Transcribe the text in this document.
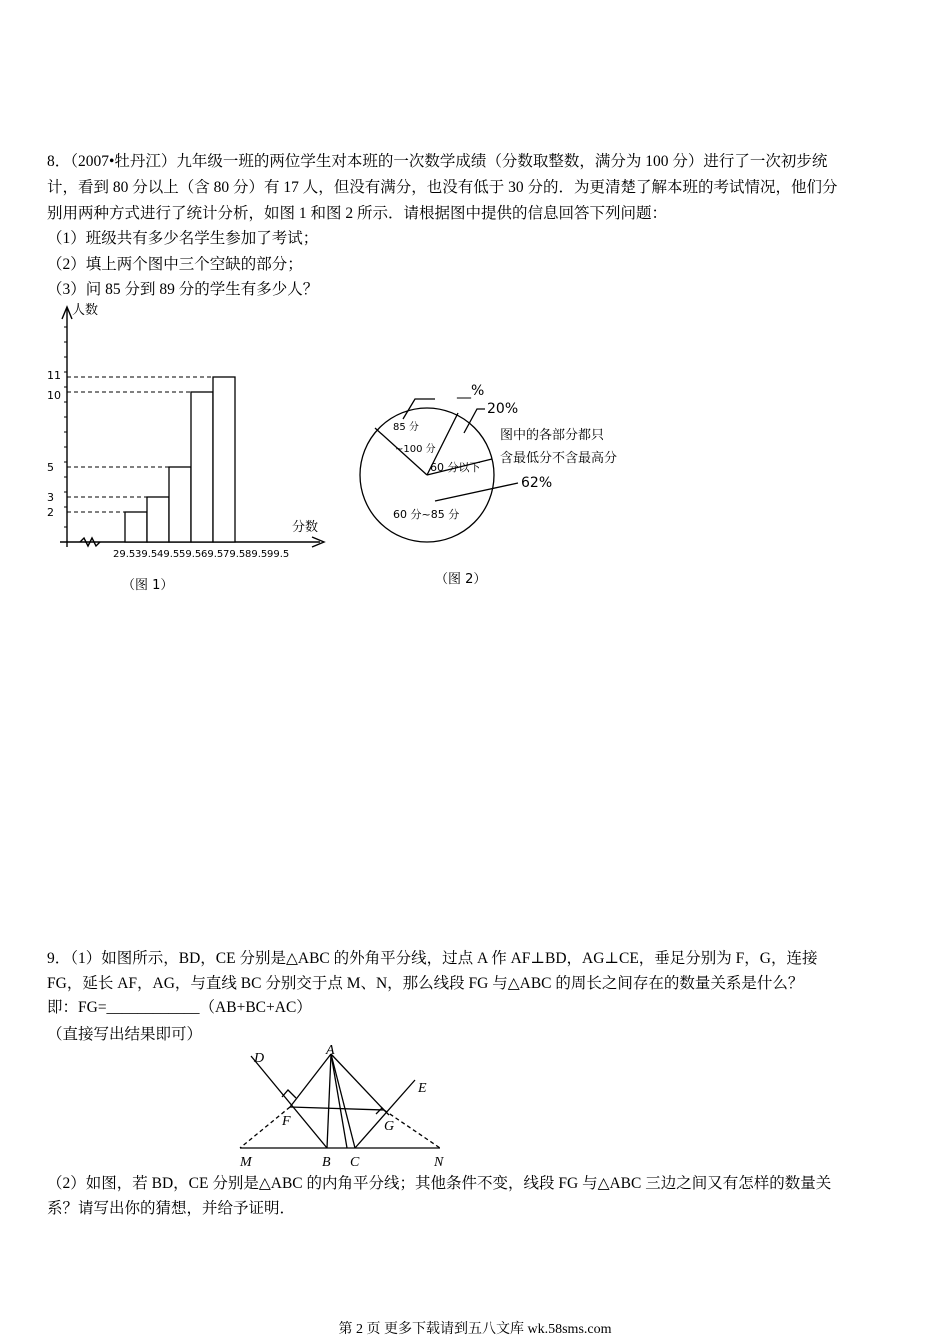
8．（2007•牡丹江）九年级一班的两位学生对本班的一次数学成绩（分数取整数，满分为 100 分）进行了一次初步统
计，看到 80 分以上（含 80 分）有 17 人，但没有满分，也没有低于 30 分的．为更清楚了解本班的考试情况，他们分
别用两种方式进行了统计分析，如图 1 和图 2 所示．请根据图中提供的信息回答下列问题：
（1）班级共有多少名学生参加了考试；
（2）填上两个图中三个空缺的部分；
（3）问 85 分到 89 分的学生有多少人？
11
10
5
3
2
29.5 39.5 49.5 59.5 69.5 79.5 89.5 99.5
人数
分数
（图 1）
__%
20%
85 分
~100 分
60 分以下
图中的各部分都只
含最低分不含最高分
62%
60 分~85 分
（图 2）
9．（1）如图所示，BD，CE 分别是△ABC 的外角平分线，过点 A 作 AF⊥BD，AG⊥CE，垂足分别为 F，G，连接
FG，延长 AF，AG，与直线 BC 分别交于点 M、N，那么线段 FG 与△ABC 的周长之间存在的数量关系是什么？
即：FG=____________（AB+BC+AC）
（直接写出结果即可）
D
A
E
F	G
M	B C	N
（2）如图，若 BD，CE 分别是△ABC 的内角平分线；其他条件不变，线段 FG 与△ABC 三边之间又有怎样的数量关
系？请写出你的猜想，并给予证明．
第 2 页 更多下载请到五八文库 wk.58sms.com
